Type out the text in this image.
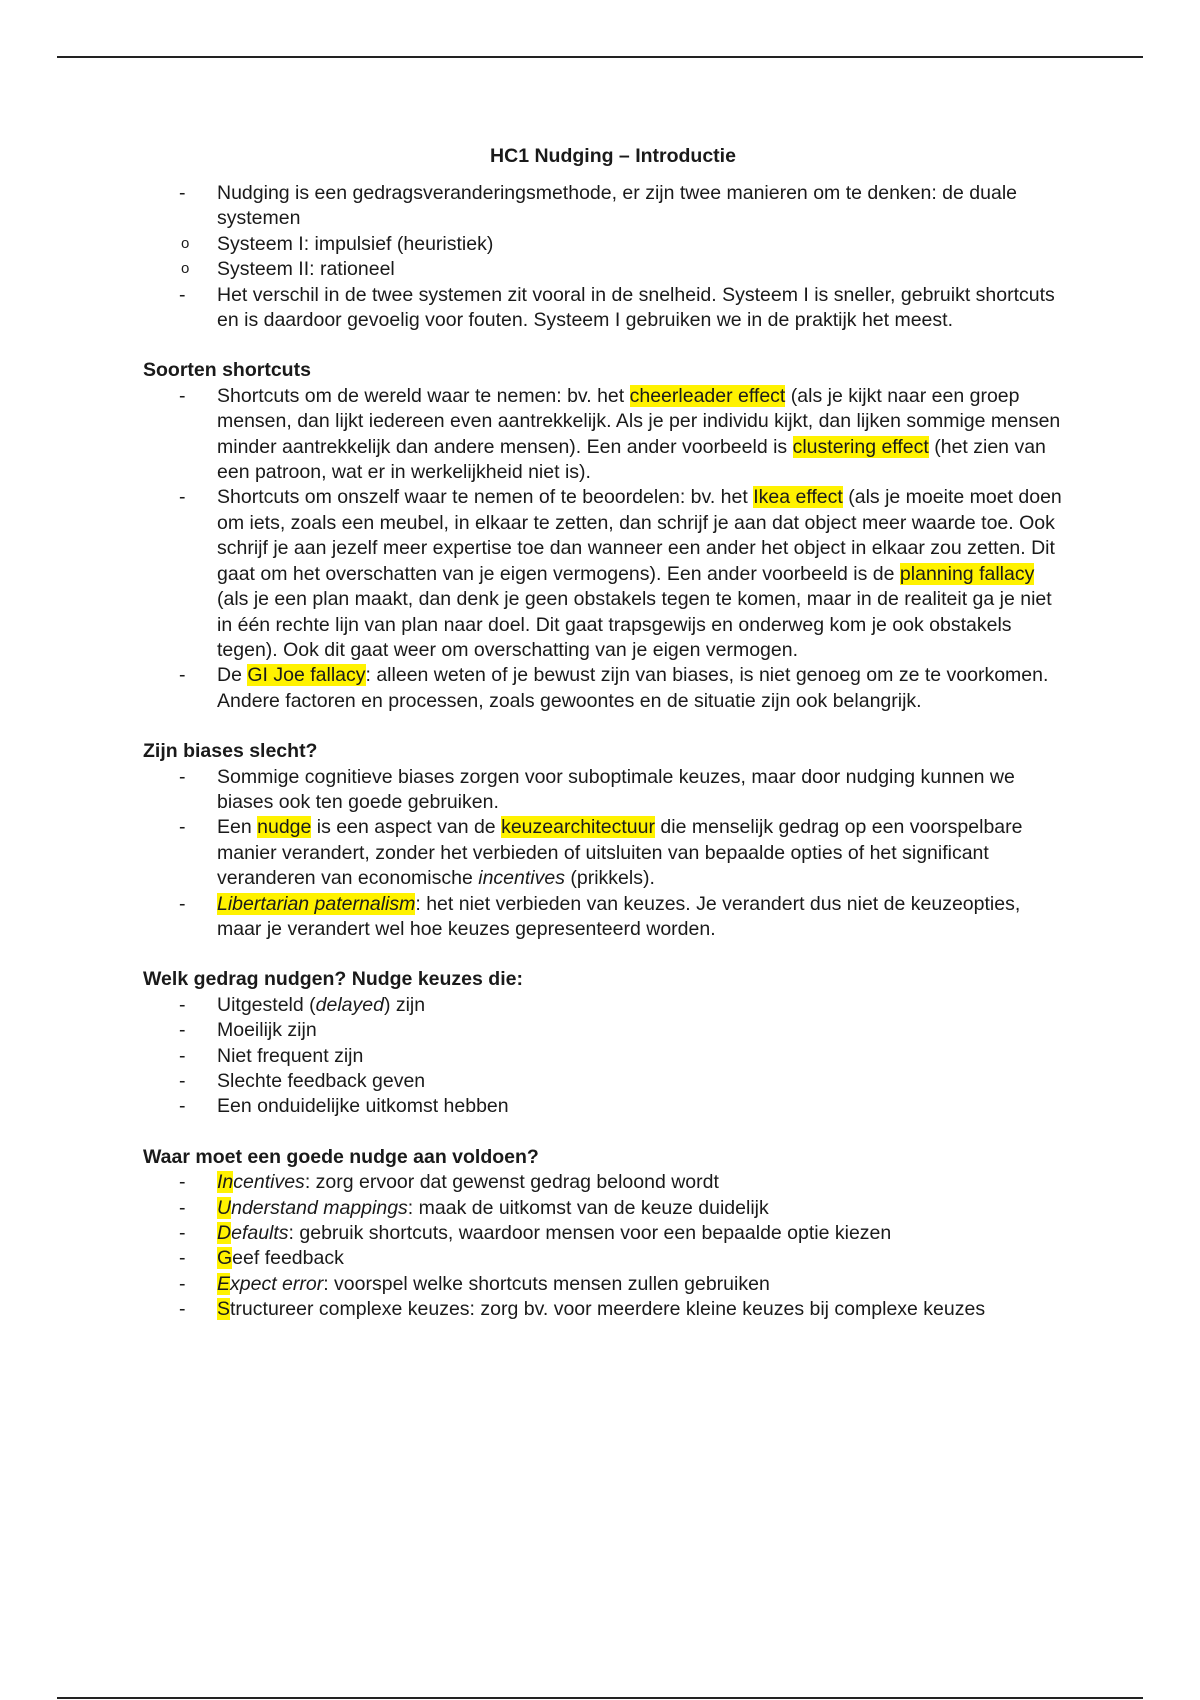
HC1 Nudging – Introductie
- Nudging is een gedragsveranderingsmethode, er zijn twee manieren om te denken: de duale systemen
o Systeem I: impulsief (heuristiek)
o Systeem II: rationeel
- Het verschil in de twee systemen zit vooral in de snelheid. Systeem I is sneller, gebruikt shortcuts en is daardoor gevoelig voor fouten. Systeem I gebruiken we in de praktijk het meest.
Soorten shortcuts
- Shortcuts om de wereld waar te nemen: bv. het cheerleader effect (als je kijkt naar een groep mensen, dan lijkt iedereen even aantrekkelijk. Als je per individu kijkt, dan lijken sommige mensen minder aantrekkelijk dan andere mensen). Een ander voorbeeld is clustering effect (het zien van een patroon, wat er in werkelijkheid niet is).
- Shortcuts om onszelf waar te nemen of te beoordelen: bv. het Ikea effect (als je moeite moet doen om iets, zoals een meubel, in elkaar te zetten, dan schrijf je aan dat object meer waarde toe. Ook schrijf je aan jezelf meer expertise toe dan wanneer een ander het object in elkaar zou zetten. Dit gaat om het overschatten van je eigen vermogens). Een ander voorbeeld is de planning fallacy (als je een plan maakt, dan denk je geen obstakels tegen te komen, maar in de realiteit ga je niet in één rechte lijn van plan naar doel. Dit gaat trapsgewijs en onderweg kom je ook obstakels tegen). Ook dit gaat weer om overschatting van je eigen vermogen.
- De GI Joe fallacy: alleen weten of je bewust zijn van biases, is niet genoeg om ze te voorkomen. Andere factoren en processen, zoals gewoontes en de situatie zijn ook belangrijk.
Zijn biases slecht?
- Sommige cognitieve biases zorgen voor suboptimale keuzes, maar door nudging kunnen we biases ook ten goede gebruiken.
- Een nudge is een aspect van de keuzearchitectuur die menselijk gedrag op een voorspelbare manier verandert, zonder het verbieden of uitsluiten van bepaalde opties of het significant veranderen van economische incentives (prikkels).
- Libertarian paternalism: het niet verbieden van keuzes. Je verandert dus niet de keuzeopties, maar je verandert wel hoe keuzes gepresenteerd worden.
Welk gedrag nudgen? Nudge keuzes die:
- Uitgesteld (delayed) zijn
- Moeilijk zijn
- Niet frequent zijn
- Slechte feedback geven
- Een onduidelijke uitkomst hebben
Waar moet een goede nudge aan voldoen?
- Incentives: zorg ervoor dat gewenst gedrag beloond wordt
- Understand mappings: maak de uitkomst van de keuze duidelijk
- Defaults: gebruik shortcuts, waardoor mensen voor een bepaalde optie kiezen
- Geef feedback
- Expect error: voorspel welke shortcuts mensen zullen gebruiken
- Structureer complexe keuzes: zorg bv. voor meerdere kleine keuzes bij complexe keuzes
